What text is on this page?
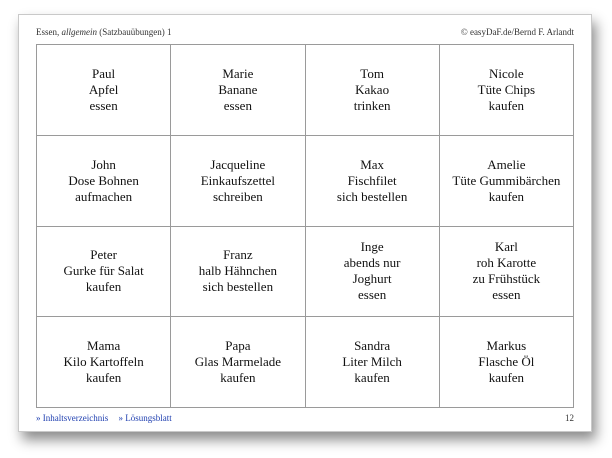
Essen, allgemein (Satzbauübungen) 1	© easyDaF.de/Bernd F. Arlandt
Paul
Apfel
essen
Marie
Banane
essen
Tom
Kakao
trinken
Nicole
Tüte Chips
kaufen
John
Dose Bohnen
aufmachen
Jacqueline
Einkaufszettel
schreiben
Max
Fischfilet
sich bestellen
Amelie
Tüte Gummibärchen
kaufen
Peter
Gurke für Salat
kaufen
Franz
halb Hähnchen
sich bestellen
Inge
abends nur
Joghurt
essen
Karl
roh Karotte
zu Frühstück
essen
Mama
Kilo Kartoffeln
kaufen
Papa
Glas Marmelade
kaufen
Sandra
Liter Milch
kaufen
Markus
Flasche Öl
kaufen
» Inhaltsverzeichnis » Lösungsblatt	12
